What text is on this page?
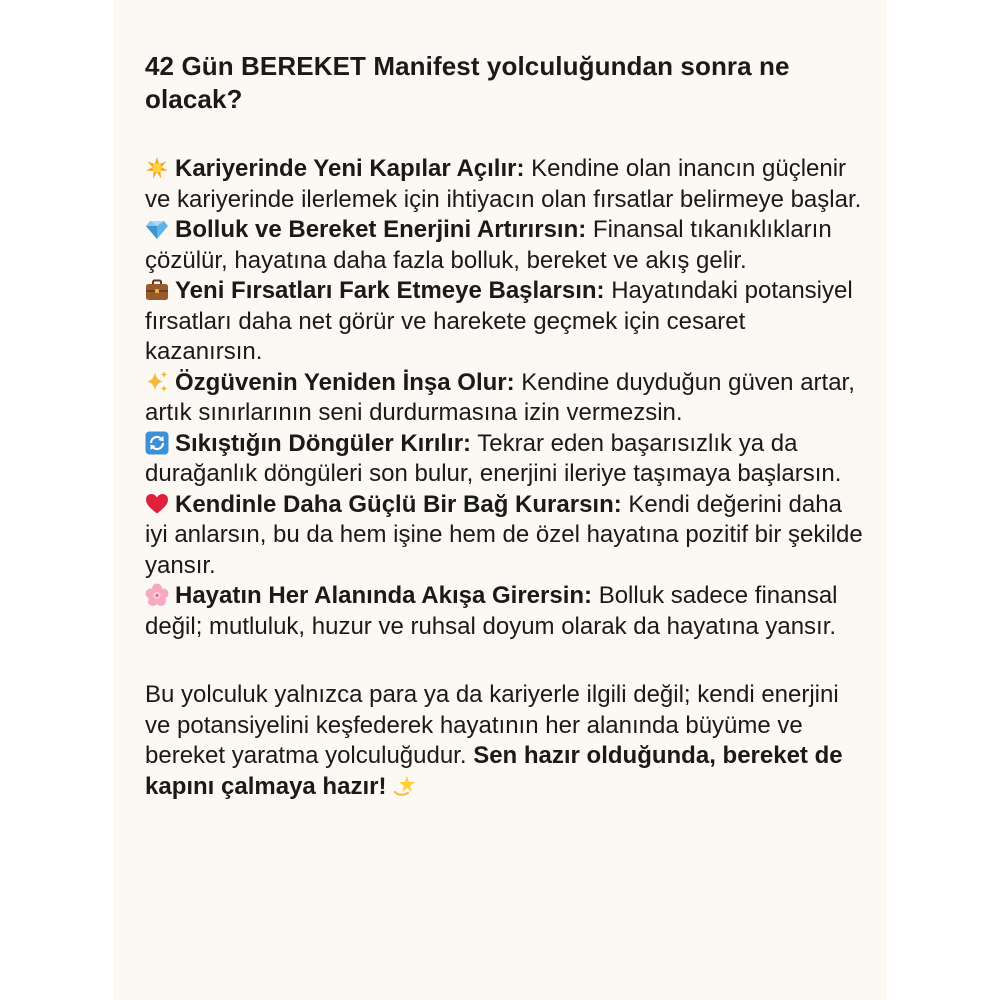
42 Gün BEREKET Manifest yolculuğundan sonra ne olacak?
Kariyerinde Yeni Kapılar Açılır: Kendine olan inancın güçlenir ve kariyerinde ilerlemek için ihtiyacın olan fırsatlar belirmeye başlar.
Bolluk ve Bereket Enerjini Artırırsın: Finansal tıkanıklıkların çözülür, hayatına daha fazla bolluk, bereket ve akış gelir.
Yeni Fırsatları Fark Etmeye Başlarsın: Hayatındaki potansiyel fırsatları daha net görür ve harekete geçmek için cesaret kazanırsın.
Özgüvenin Yeniden İnşa Olur: Kendine duyduğun güven artar, artık sınırlarının seni durdurmasına izin vermezsin.
Sıkıştığın Döngüler Kırılır: Tekrar eden başarısızlık ya da durağanlık döngüleri son bulur, enerjini ileriye taşımaya başlarsın.
Kendinle Daha Güçlü Bir Bağ Kurarsın: Kendi değerini daha iyi anlarsın, bu da hem işine hem de özel hayatına pozitif bir şekilde yansır.
Hayatın Her Alanında Akışa Girersin: Bolluk sadece finansal değil; mutluluk, huzur ve ruhsal doyum olarak da hayatına yansır.
Bu yolculuk yalnızca para ya da kariyerle ilgili değil; kendi enerjini ve potansiyelini keşfederek hayatının her alanında büyüme ve bereket yaratma yolculuğudur. Sen hazır olduğunda, bereket de kapını çalmaya hazır!
